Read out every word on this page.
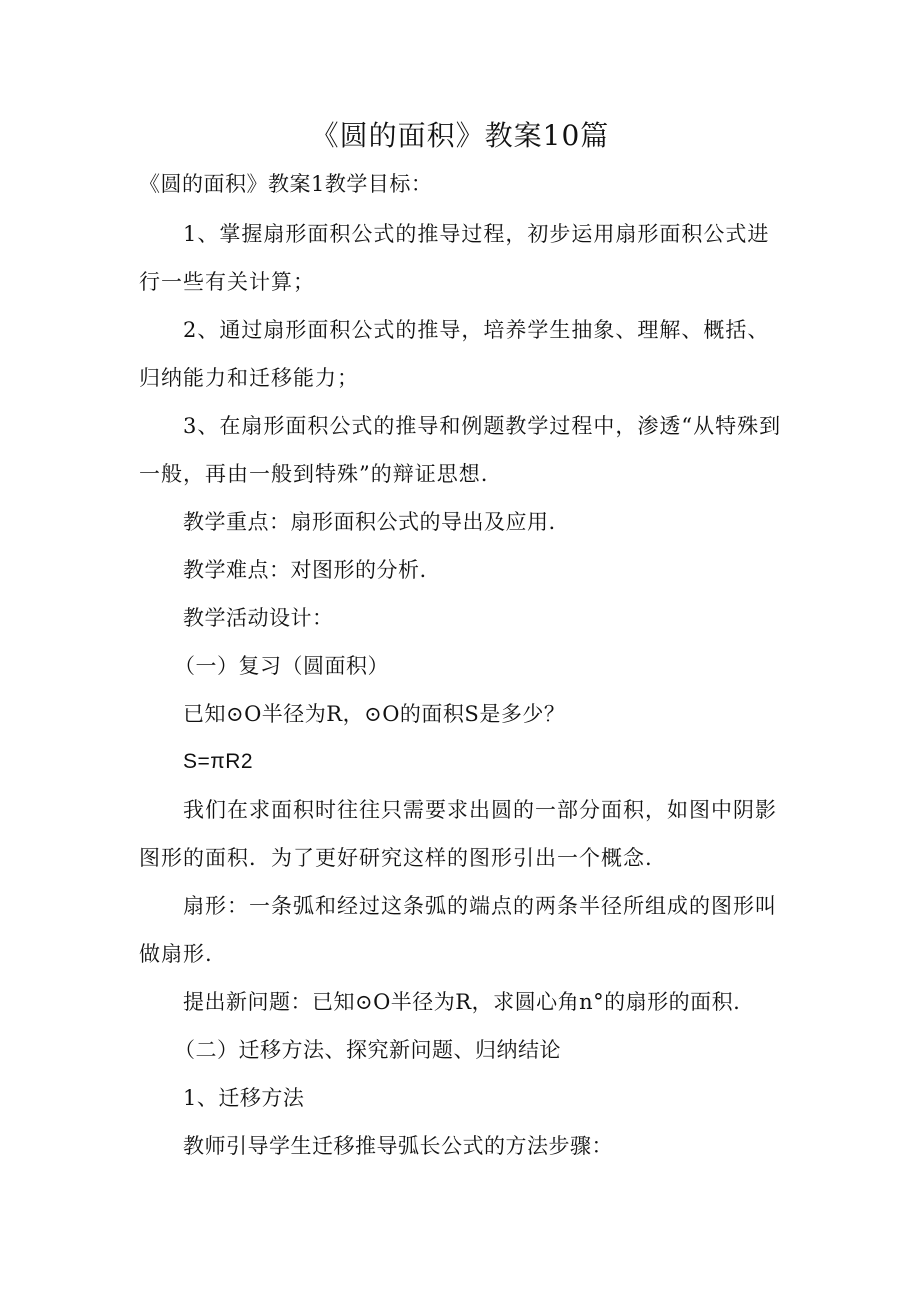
《圆的面积》教案10篇

《圆的面积》教案1教学目标：

1、掌握扇形面积公式的推导过程，初步运用扇形面积公式进行一些有关计算；

2、通过扇形面积公式的推导，培养学生抽象、理解、概括、归纳能力和迁移能力；

3、在扇形面积公式的推导和例题教学过程中，渗透“从特殊到一般，再由一般到特殊”的辩证思想.

教学重点：扇形面积公式的导出及应用.

教学难点：对图形的分析.

教学活动设计：

（一）复习（圆面积）

已知⊙O半径为R，⊙O的面积S是多少？

S=πR2

我们在求面积时往往只需要求出圆的一部分面积，如图中阴影图形的面积．为了更好研究这样的图形引出一个概念.

扇形：一条弧和经过这条弧的端点的两条半径所组成的图形叫做扇形.

提出新问题：已知⊙O半径为R，求圆心角n°的扇形的面积.

（二）迁移方法、探究新问题、归纳结论

1、迁移方法

教师引导学生迁移推导弧长公式的方法步骤：
